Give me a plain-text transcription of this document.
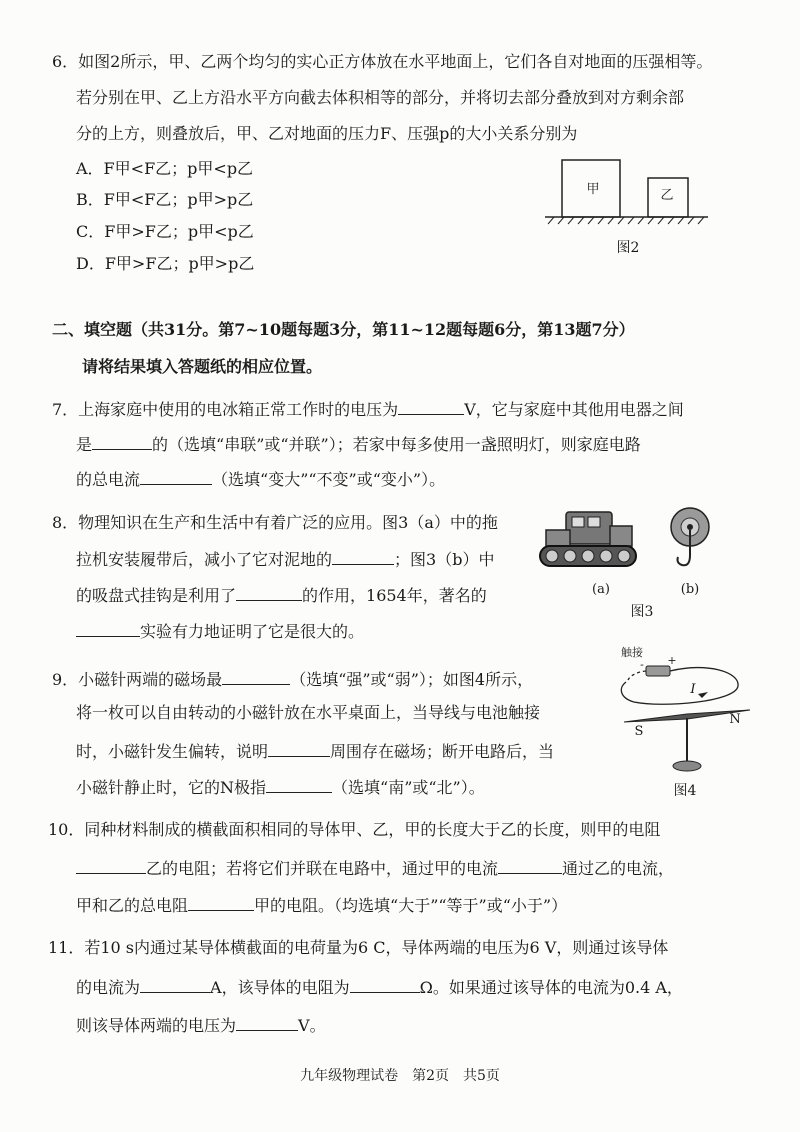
6．如图2所示，甲、乙两个均匀的实心正方体放在水平地面上，它们各自对地面的压强相等。
若分别在甲、乙上方沿水平方向截去体积相等的部分，并将切去部分叠放到对方剩余部
分的上方，则叠放后，甲、乙对地面的压力F、压强p的大小关系分别为
A．F甲<F乙；p甲<p乙
B．F甲<F乙；p甲>p乙
C．F甲>F乙；p甲<p乙
D．F甲>F乙；p甲>p乙
甲	乙
图2
二、填空题（共31分。第7~10题每题3分，第11~12题每题6分，第13题7分）
请将结果填入答题纸的相应位置。
7．上海家庭中使用的电冰箱正常工作时的电压为	V，它与家庭中其他用电器之间
是	的（选填“串联”或“并联”）；若家中每多使用一盏照明灯，则家庭电路
的总电流	（选填“变大”“不变”或“变小”）。
8．物理知识在生产和生活中有着广泛的应用。图3（a）中的拖
拉机安装履带后，减小了它对泥地的	；图3（b）中
的吸盘式挂钩是利用了	的作用，1654年，著名的
实验有力地证明了它是很大的。
(a)	(b)
图3
9．小磁针两端的磁场最	（选填“强”或“弱”）；如图4所示，
将一枚可以自由转动的小磁针放在水平桌面上，当导线与电池触接
时，小磁针发生偏转，说明	周围存在磁场；断开电路后，当
小磁针静止时，它的N极指	（选填“南”或“北”）。
触接
-	+
I
S
N
图4
10．同种材料制成的横截面积相同的导体甲、乙，甲的长度大于乙的长度，则甲的电阻
乙的电阻；若将它们并联在电路中，通过甲的电流	通过乙的电流，
甲和乙的总电阻	甲的电阻。（均选填“大于”“等于”或“小于”）
11．若10 s内通过某导体横截面的电荷量为6 C，导体两端的电压为6 V，则通过该导体
的电流为	A，该导体的电阻为	Ω。如果通过该导体的电流为0.4 A，
则该导体两端的电压为	V。
九年级物理试卷　第2页　共5页
